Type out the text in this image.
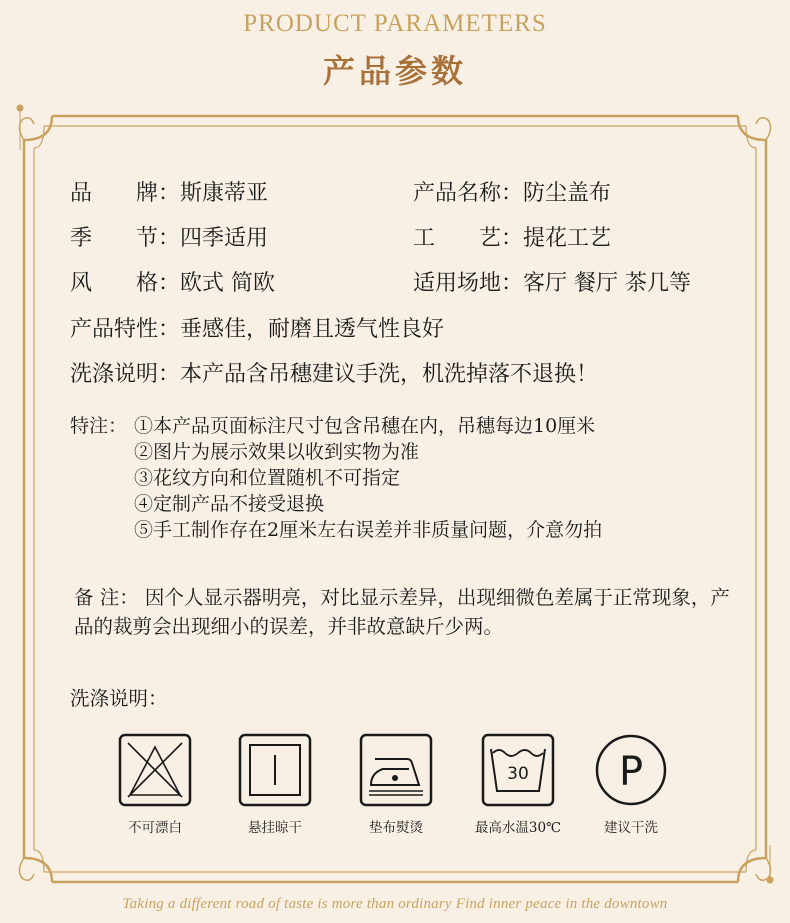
PRODUCT PARAMETERS
产品参数
品　　牌：斯康蒂亚	产品名称：防尘盖布
季　　节：四季适用	工　　艺：提花工艺
风　　格：欧式 简欧	适用场地：客厅 餐厅 茶几等
产品特性：垂感佳，耐磨且透气性良好
洗涤说明：本产品含吊穗建议手洗，机洗掉落不退换！
特注： ①本产品页面标注尺寸包含吊穗在内，吊穗每边10厘米
②图片为展示效果以收到实物为准
③花纹方向和位置随机不可指定
④定制产品不接受退换
⑤手工制作存在2厘米左右误差并非质量问题，介意勿拍
备 注： 因个人显示器明亮，对比显示差异，出现细微色差属于正常现象，产品的裁剪会出现细小的误差，并非故意缺斤少两。
洗涤说明：
不可漂白	悬挂晾干	垫布熨烫
30
最高水温30℃
P
建议干洗
Taking a different road of taste is more than ordinary Find inner peace in the downtown
